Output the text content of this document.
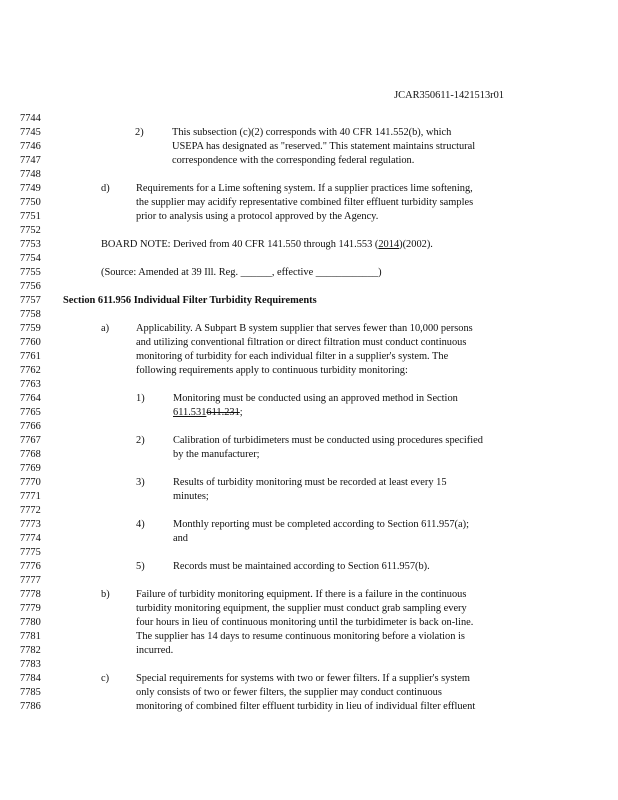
JCAR350611-1421513r01
7744
7745
7746
7747
7748
7749
7750
7751
7752
7753
7754
7755
7756
7757
7758
7759
7760
7761
7762
7763
7764
7765
7766
7767
7768
7769
7770
7771
7772
7773
7774
7775
7776
7777
7778
7779
7780
7781
7782
7783
7784
7785
7786
2)	This subsection (c)(2) corresponds with 40 CFR 141.552(b), which
USEPA has designated as "reserved." This statement maintains structural
correspondence with the corresponding federal regulation.
d)	Requirements for a Lime softening system. If a supplier practices lime softening,
the supplier may acidify representative combined filter effluent turbidity samples
prior to analysis using a protocol approved by the Agency.
BOARD NOTE: Derived from 40 CFR 141.550 through 141.553 (2014)(2002).
(Source: Amended at 39 Ill. Reg. ______, effective ____________)
Section 611.956 Individual Filter Turbidity Requirements
a)	Applicability. A Subpart B system supplier that serves fewer than 10,000 persons
and utilizing conventional filtration or direct filtration must conduct continuous
monitoring of turbidity for each individual filter in a supplier's system. The
following requirements apply to continuous turbidity monitoring:
1)	Monitoring must be conducted using an approved method in Section
611.531611.231;
2)	Calibration of turbidimeters must be conducted using procedures specified
by the manufacturer;
3)	Results of turbidity monitoring must be recorded at least every 15
minutes;
4)	Monthly reporting must be completed according to Section 611.957(a);
and
5)	Records must be maintained according to Section 611.957(b).
b)	Failure of turbidity monitoring equipment. If there is a failure in the continuous
turbidity monitoring equipment, the supplier must conduct grab sampling every
four hours in lieu of continuous monitoring until the turbidimeter is back on-line.
The supplier has 14 days to resume continuous monitoring before a violation is
incurred.
c)	Special requirements for systems with two or fewer filters. If a supplier's system
only consists of two or fewer filters, the supplier may conduct continuous
monitoring of combined filter effluent turbidity in lieu of individual filter effluent
